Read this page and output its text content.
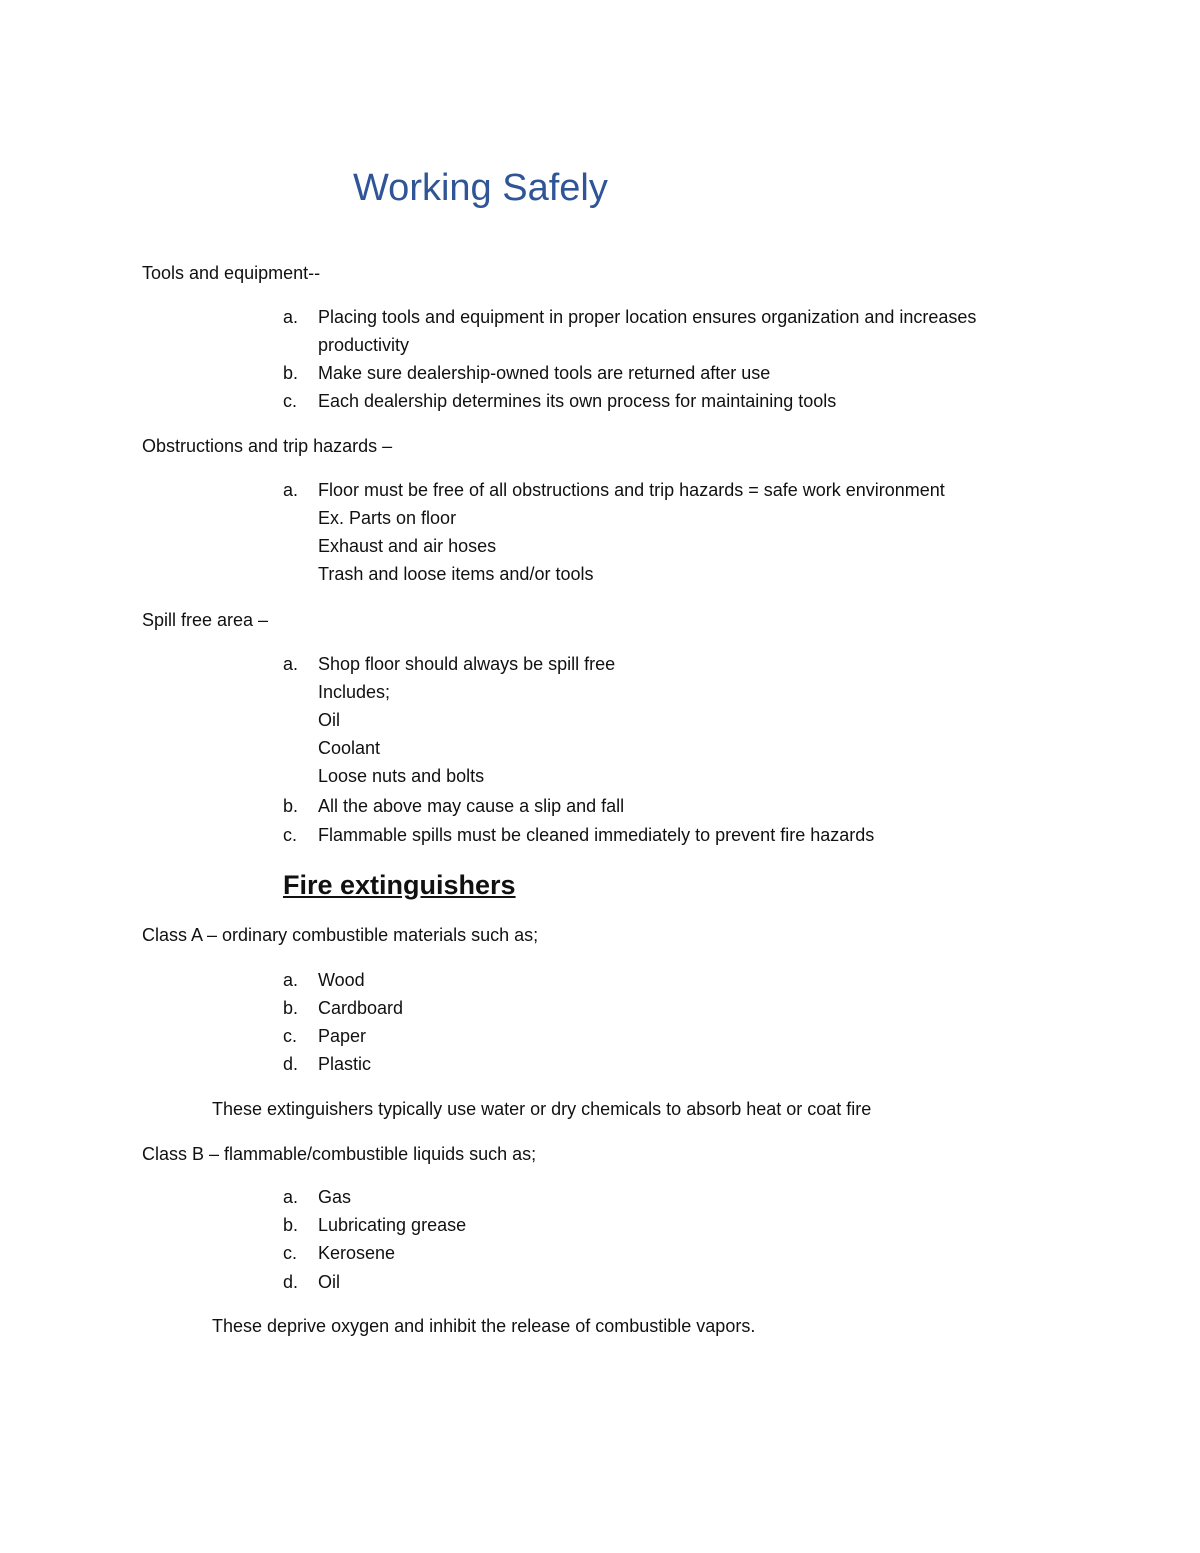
Working Safely
Tools and equipment--
a. Placing tools and equipment in proper location ensures organization and increases
productivity
b. Make sure dealership-owned tools are returned after use
c. Each dealership determines its own process for maintaining tools
Obstructions and trip hazards –
a. Floor must be free of all obstructions and trip hazards = safe work environment
Ex. Parts on floor
Exhaust and air hoses
Trash and loose items and/or tools
Spill free area –
a. Shop floor should always be spill free
Includes;
Oil
Coolant
Loose nuts and bolts
b. All the above may cause a slip and fall
c. Flammable spills must be cleaned immediately to prevent fire hazards
Fire extinguishers
Class A – ordinary combustible materials such as;
a. Wood
b. Cardboard
c. Paper
d. Plastic
These extinguishers typically use water or dry chemicals to absorb heat or coat fire
Class B – flammable/combustible liquids such as;
a. Gas
b. Lubricating grease
c. Kerosene
d. Oil
These deprive oxygen and inhibit the release of combustible vapors.
